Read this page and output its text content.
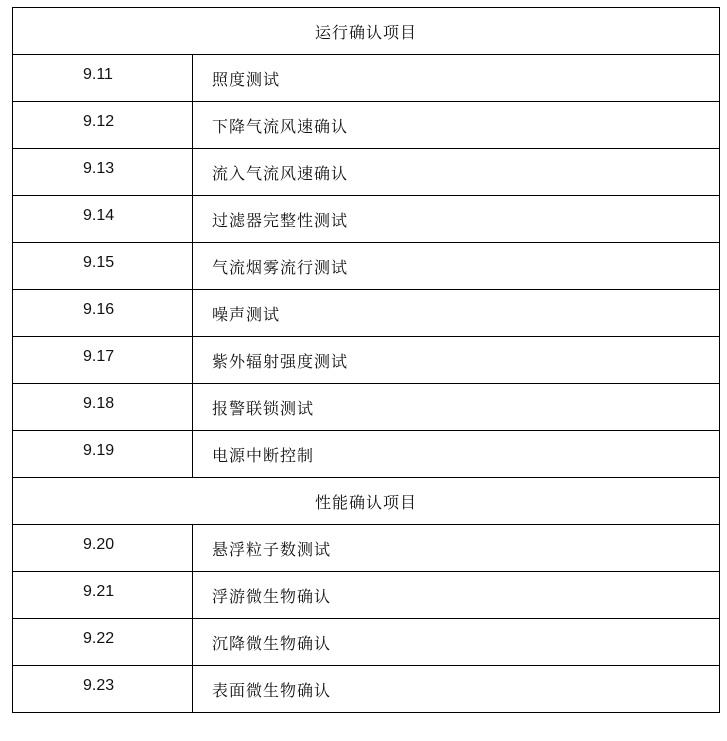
运行确认项目	
9.11	照度测试
9.12	下降气流风速确认
9.13	流入气流风速确认
9.14	过滤器完整性测试
9.15	气流烟雾流行测试
9.16	噪声测试
9.17	紫外辐射强度测试
9.18	报警联锁测试
9.19	电源中断控制
性能确认项目	
9.20	悬浮粒子数测试
9.21	浮游微生物确认
9.22	沉降微生物确认
9.23	表面微生物确认
